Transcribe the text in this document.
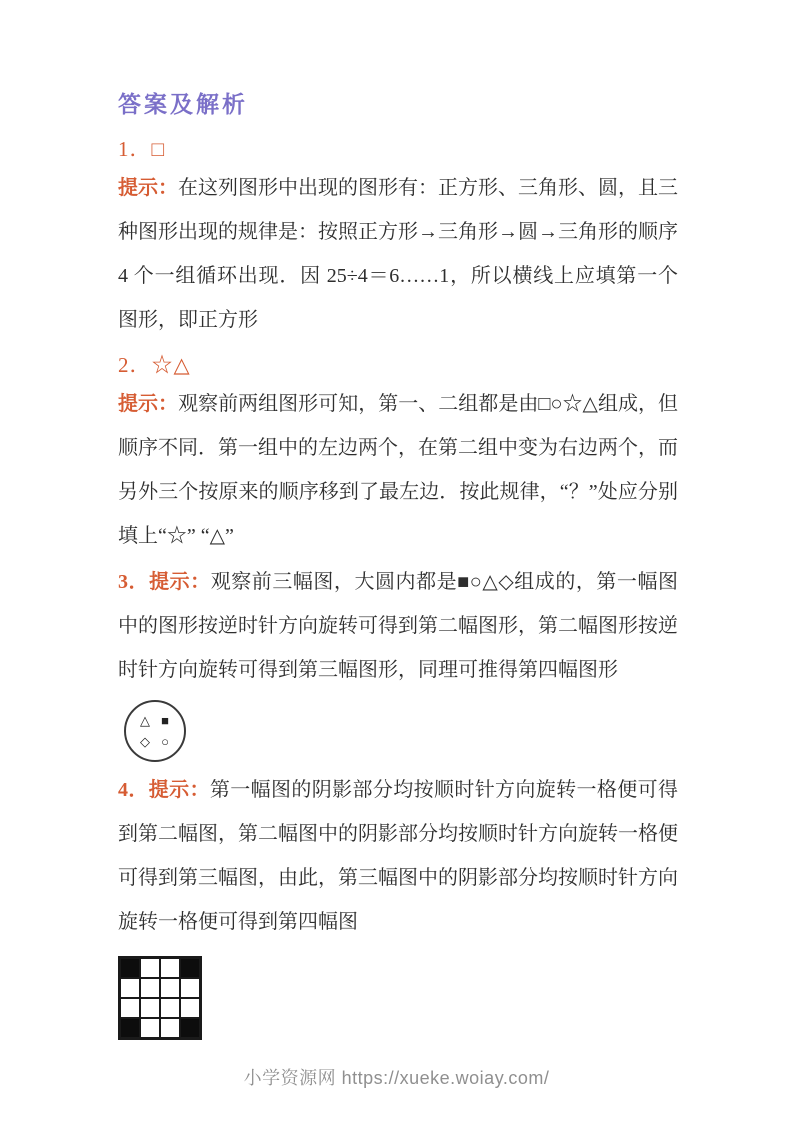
答案及解析
1．□

提示：在这列图形中出现的图形有：正方形、三角形、圆，且三种图形出现的规律是：按照正方形→三角形→圆→三角形的顺序 4 个一组循环出现．因 25÷4＝6……1，所以横线上应填第一个图形，即正方形

2．☆△

提示：观察前两组图形可知，第一、二组都是由□○☆△组成，但顺序不同．第一组中的左边两个，在第二组中变为右边两个，而另外三个按原来的顺序移到了最左边．按此规律，“？”处应分别填上“☆” “△”

3．提示：观察前三幅图，大圆内都是■○△◇组成的，第一幅图中的图形按逆时针方向旋转可得到第二幅图形，第二幅图形按逆时针方向旋转可得到第三幅图形，同理可推得第四幅图形

△ ■
◇ ○

4．提示：第一幅图的阴影部分均按顺时针方向旋转一格便可得到第二幅图，第二幅图中的阴影部分均按顺时针方向旋转一格便可得到第三幅图，由此，第三幅图中的阴影部分均按顺时针方向旋转一格便可得到第四幅图

小学资源网 https://xueke.woiay.com/
